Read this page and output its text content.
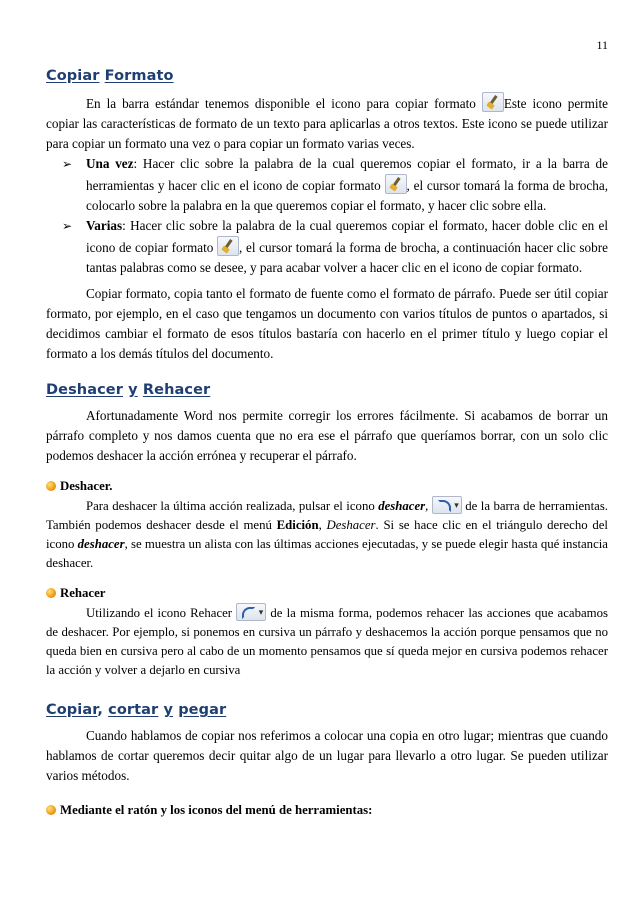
11
Copiar Formato

En la barra estándar tenemos disponible el icono para copiar formato Este icono permite copiar las características de formato de un texto para aplicarlas a otros textos. Este icono se puede utilizar para copiar un formato una vez o para copiar un formato varias veces.

➢ Una vez: Hacer clic sobre la palabra de la cual queremos copiar el formato, ir a la barra de herramientas y hacer clic en el icono de copiar formato , el cursor tomará la forma de brocha, colocarlo sobre la palabra en la que queremos copiar el formato, y hacer clic sobre ella.
➢ Varias: Hacer clic sobre la palabra de la cual queremos copiar el formato, hacer doble clic en el icono de copiar formato , el cursor tomará la forma de brocha, a continuación hacer clic sobre tantas palabras como se desee, y para acabar volver a hacer clic en el icono de copiar formato.

Copiar formato, copia tanto el formato de fuente como el formato de párrafo. Puede ser útil copiar formato, por ejemplo, en el caso que tengamos un documento con varios títulos de puntos o apartados, si decidimos cambiar el formato de esos títulos bastaría con hacerlo en el primer título y luego copiar el formato a los demás títulos del documento.

Deshacer y Rehacer

Afortunadamente Word nos permite corregir los errores fácilmente. Si acabamos de borrar un párrafo completo y nos damos cuenta que no era ese el párrafo que queríamos borrar, con un solo clic podemos deshacer la acción errónea y recuperar el párrafo.

Deshacer.

Para deshacer la última acción realizada, pulsar el icono deshacer▾	de la barra de herramientas. También podemos deshacer desde el menú Edición, Deshacer. Si se hace clic en el triángulo derecho del icono deshacer, se muestra un alista con las últimas acciones ejecutadas, y se puede elegir hasta qué instancia deshacer.

Rehacer

Utilizando el icono Rehacer ▾ de la misma forma, podemos rehacer las acciones que acabamos de deshacer. Por ejemplo, si ponemos en cursiva un párrafo y deshacemos la acción porque pensamos que no queda bien en cursiva pero al cabo de un momento pensamos que sí queda mejor en cursiva podemos rehacer la acción y volver a dejarlo en cursiva

Copiar, cortar y pegar

Cuando hablamos de copiar nos referimos a colocar una copia en otro lugar; mientras que cuando hablamos de cortar queremos decir quitar algo de un lugar para llevarlo a otro lugar. Se pueden utilizar varios métodos.

Mediante el ratón y los iconos del menú de herramientas:
